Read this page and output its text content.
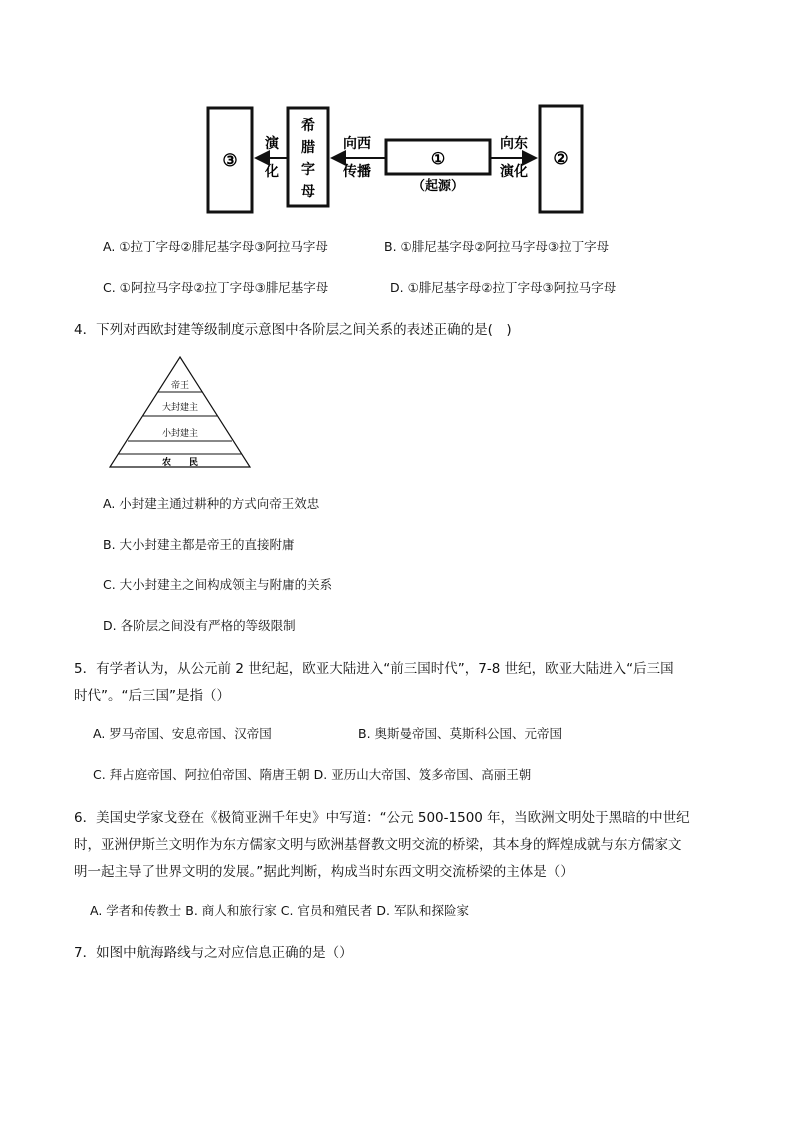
③
演
化
希
腊
字
母
向西
传播
①
（起源）
向东
演化
②
A. ①拉丁字母②腓尼基字母③阿拉马字母	B. ①腓尼基字母②阿拉马字母③拉丁字母
C. ①阿拉马字母②拉丁字母③腓尼基字母	D. ①腓尼基字母②拉丁字母③阿拉马字母
4．下列对西欧封建等级制度示意图中各阶层之间关系的表述正确的是(　)
帝王
大封建主
小封建主
农　　民
A. 小封建主通过耕种的方式向帝王效忠
B. 大小封建主都是帝王的直接附庸
C. 大小封建主之间构成领主与附庸的关系
D. 各阶层之间没有严格的等级限制
5．有学者认为，从公元前 2 世纪起，欧亚大陆进入“前三国时代”，7-8 世纪，欧亚大陆进入“后三国
时代”。“后三国”是指（）
A. 罗马帝国、安息帝国、汉帝国	B. 奥斯曼帝国、莫斯科公国、元帝国
C. 拜占庭帝国、阿拉伯帝国、隋唐王朝 D. 亚历山大帝国、笈多帝国、高丽王朝
6．美国史学家戈登在《极简亚洲千年史》中写道：“公元 500-1500 年，当欧洲文明处于黑暗的中世纪
时，亚洲伊斯兰文明作为东方儒家文明与欧洲基督教文明交流的桥梁，其本身的辉煌成就与东方儒家文
明一起主导了世界文明的发展。”据此判断，构成当时东西文明交流桥梁的主体是（）
A. 学者和传教士 B. 商人和旅行家 C. 官员和殖民者 D. 军队和探险家
7．如图中航海路线与之对应信息正确的是（）
